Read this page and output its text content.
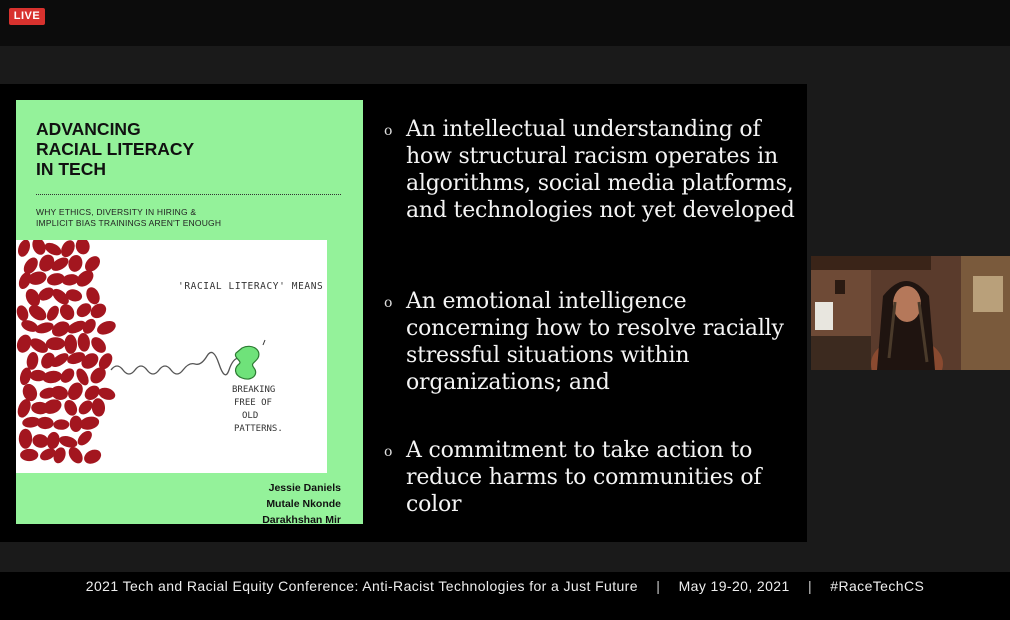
LIVE
ADVANCING
RACIAL LITERACY
IN TECH
WHY ETHICS, DIVERSITY IN HIRING &
IMPLICIT BIAS TRAININGS AREN'T ENOUGH
'RACIAL LITERACY' MEANS
BREAKING
FREE OF
OLD
PATTERNS.
Jessie Daniels
Mutale Nkonde
Darakhshan Mir
o An intellectual understanding of how structural racism operates in algorithms, social media platforms, and technologies not yet developed
o An emotional intelligence concerning how to resolve racially stressful situations within organizations; and
o A commitment to take action to reduce harms to communities of color
2021 Tech and Racial Equity Conference: Anti-Racist Technologies for a Just Future | May 19-20, 2021 | #RaceTechCS
